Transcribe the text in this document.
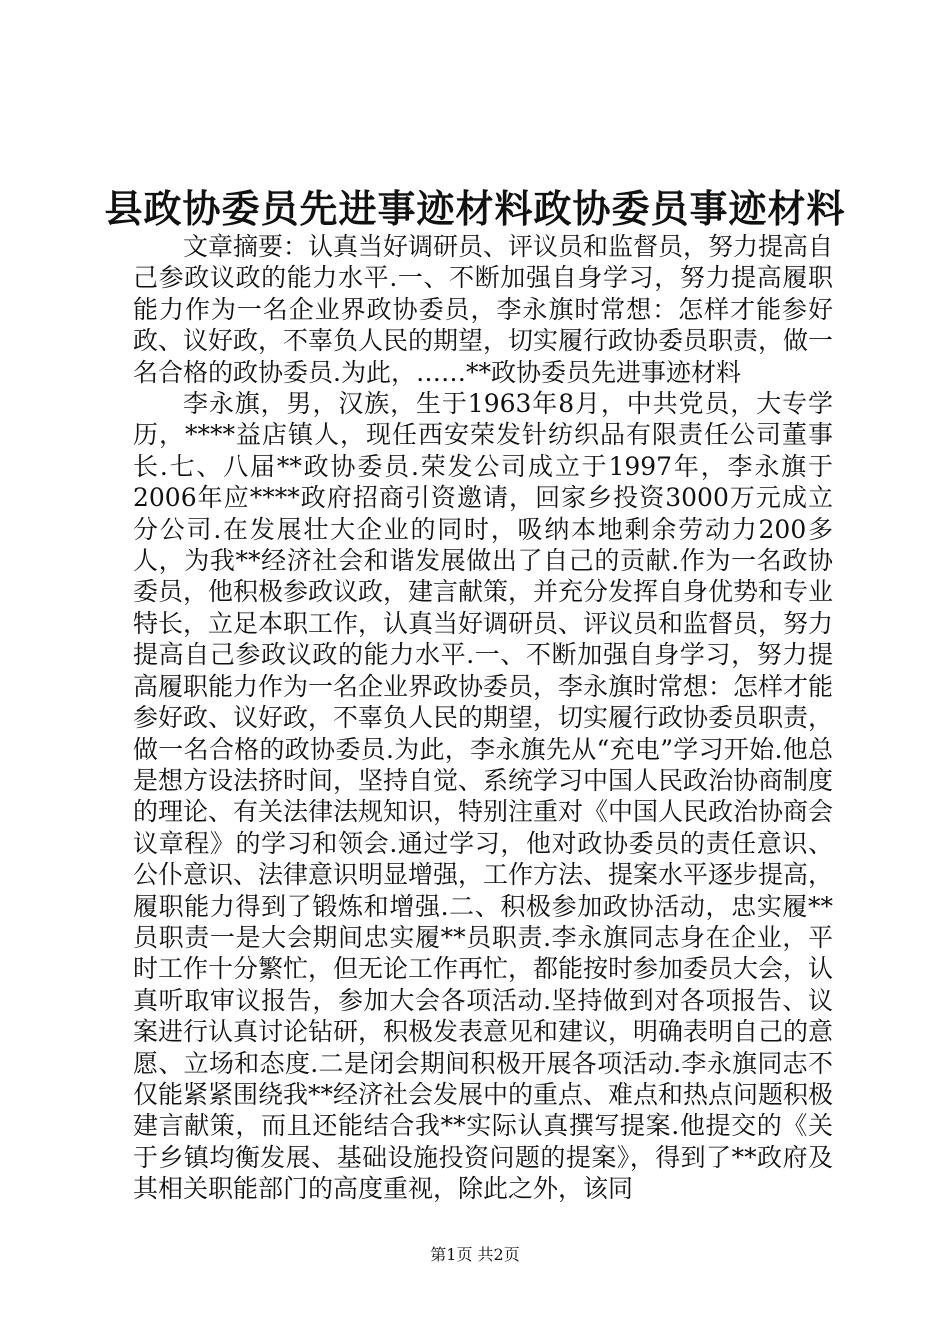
县政协委员先进事迹材料政协委员事迹材料

文章摘要：认真当好调研员、评议员和监督员，努力提高自己参政议政的能力水平.一、不断加强自身学习，努力提高履职能力作为一名企业界政协委员，李永旗时常想：怎样才能参好政、议好政，不辜负人民的期望，切实履行政协委员职责，做一名合格的政协委员.为此，……**政协委员先进事迹材料

李永旗，男，汉族，生于1963年8月，中共党员，大专学历，****益店镇人，现任西安荣发针纺织品有限责任公司董事长.七、八届**政协委员.荣发公司成立于1997年，李永旗于2006年应****政府招商引资邀请，回家乡投资3000万元成立分公司.在发展壮大企业的同时，吸纳本地剩余劳动力200多人，为我**经济社会和谐发展做出了自己的贡献.作为一名政协委员，他积极参政议政，建言献策，并充分发挥自身优势和专业特长，立足本职工作，认真当好调研员、评议员和监督员，努力提高自己参政议政的能力水平.一、不断加强自身学习，努力提高履职能力作为一名企业界政协委员，李永旗时常想：怎样才能参好政、议好政，不辜负人民的期望，切实履行政协委员职责，做一名合格的政协委员.为此，李永旗先从“充电”学习开始.他总是想方设法挤时间，坚持自觉、系统学习中国人民政治协商制度的理论、有关法律法规知识，特别注重对《中国人民政治协商会议章程》的学习和领会.通过学习，他对政协委员的责任意识、公仆意识、法律意识明显增强，工作方法、提案水平逐步提高，履职能力得到了锻炼和增强.二、积极参加政协活动，忠实履**员职责一是大会期间忠实履**员职责.李永旗同志身在企业，平时工作十分繁忙，但无论工作再忙，都能按时参加委员大会，认真听取审议报告，参加大会各项活动.坚持做到对各项报告、议案进行认真讨论钻研，积极发表意见和建议，明确表明自己的意愿、立场和态度.二是闭会期间积极开展各项活动.李永旗同志不仅能紧紧围绕我**经济社会发展中的重点、难点和热点问题积极建言献策，而且还能结合我**实际认真撰写提案.他提交的《关于乡镇均衡发展、基础设施投资问题的提案》，得到了**政府及其相关职能部门的高度重视，除此之外，该同

第1页 共2页
